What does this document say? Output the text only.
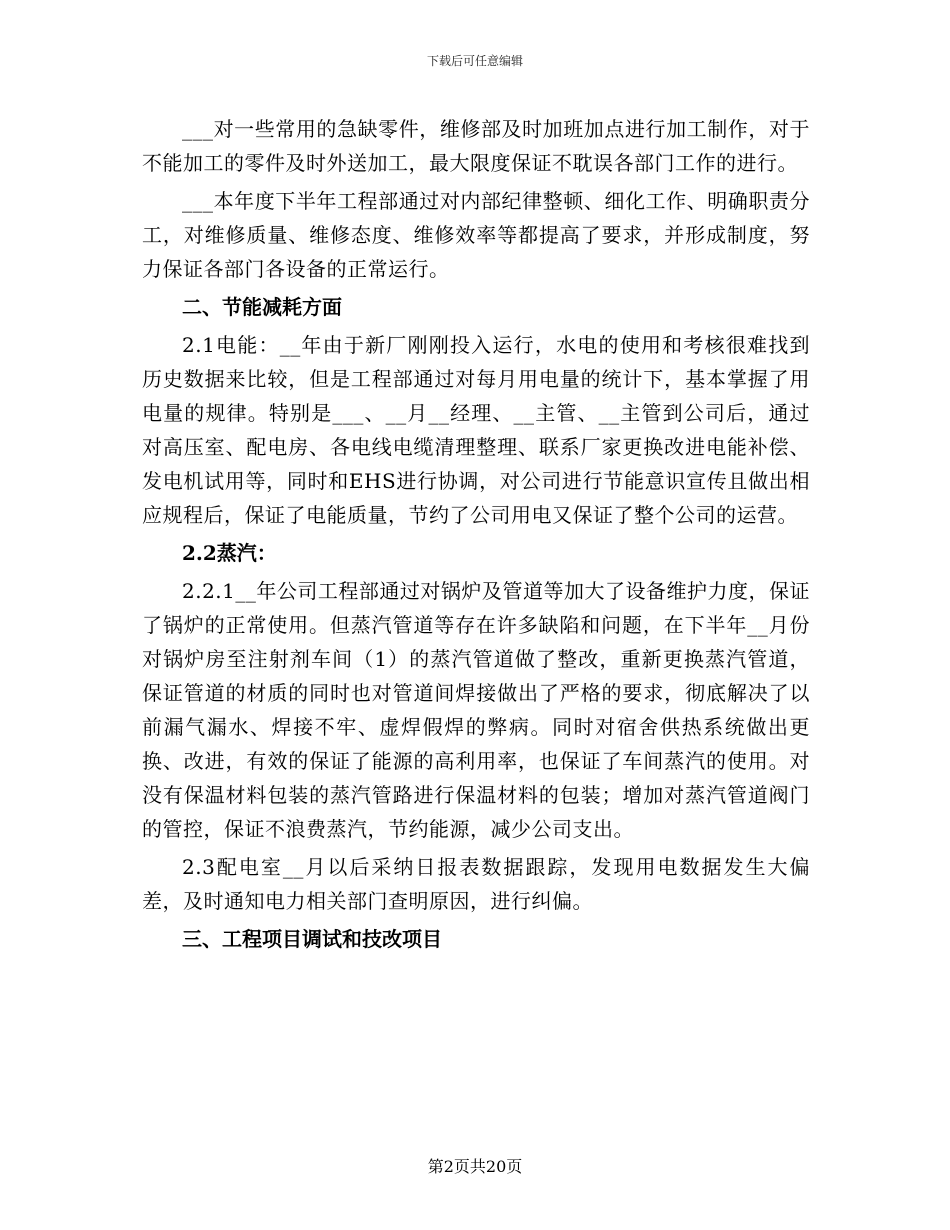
下载后可任意编辑

___对一些常用的急缺零件，维修部及时加班加点进行加工制作，对于不能加工的零件及时外送加工，最大限度保证不耽误各部门工作的进行。

___本年度下半年工程部通过对内部纪律整顿、细化工作、明确职责分工，对维修质量、维修态度、维修效率等都提高了要求，并形成制度，努力保证各部门各设备的正常运行。

二、节能减耗方面

2.1电能：__年由于新厂刚刚投入运行，水电的使用和考核很难找到历史数据来比较，但是工程部通过对每月用电量的统计下，基本掌握了用电量的规律。特别是___、__月__经理、__主管、__主管到公司后，通过对高压室、配电房、各电线电缆清理整理、联系厂家更换改进电能补偿、发电机试用等，同时和EHS进行协调，对公司进行节能意识宣传且做出相应规程后，保证了电能质量，节约了公司用电又保证了整个公司的运营。

2.2蒸汽：

2.2.1__年公司工程部通过对锅炉及管道等加大了设备维护力度，保证了锅炉的正常使用。但蒸汽管道等存在许多缺陷和问题，在下半年__月份对锅炉房至注射剂车间（1）的蒸汽管道做了整改，重新更换蒸汽管道，保证管道的材质的同时也对管道间焊接做出了严格的要求，彻底解决了以前漏气漏水、焊接不牢、虚焊假焊的弊病。同时对宿舍供热系统做出更换、改进，有效的保证了能源的高利用率，也保证了车间蒸汽的使用。对没有保温材料包装的蒸汽管路进行保温材料的包装；增加对蒸汽管道阀门的管控，保证不浪费蒸汽，节约能源，减少公司支出。

2.3配电室__月以后采纳日报表数据跟踪，发现用电数据发生大偏差，及时通知电力相关部门查明原因，进行纠偏。

三、工程项目调试和技改项目

第2页共20页
